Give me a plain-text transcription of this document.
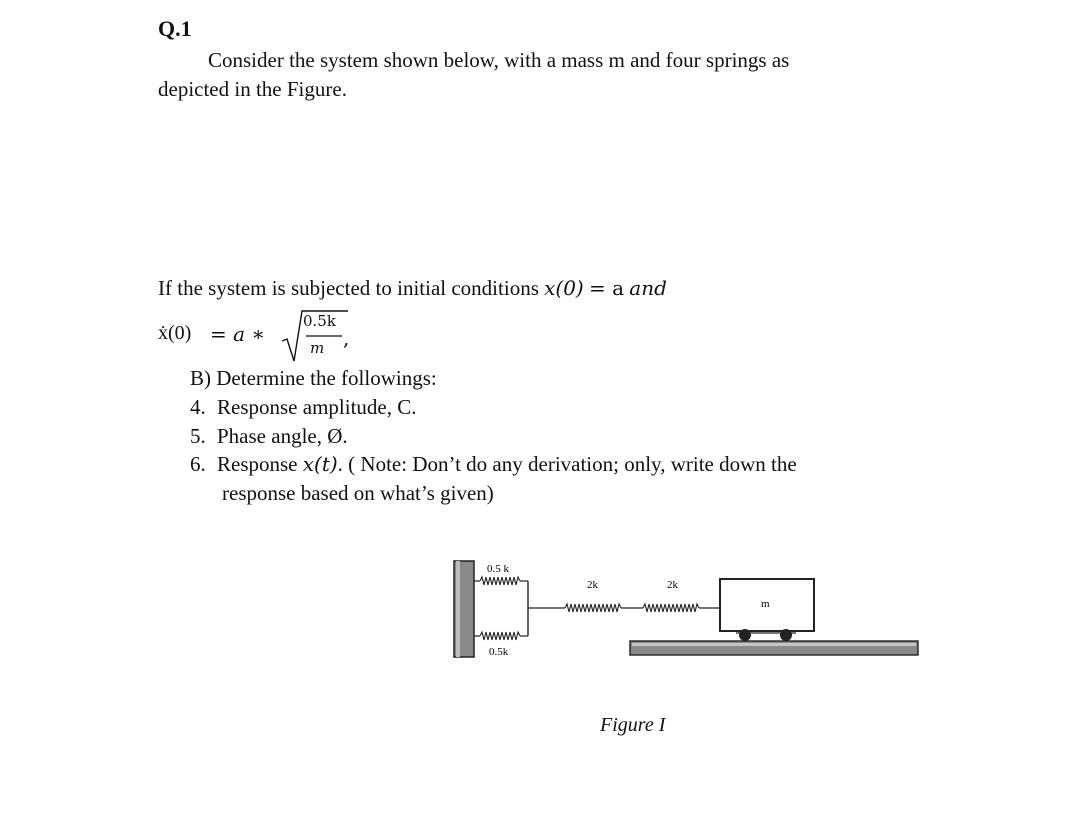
Q.1
Consider the system shown below, with a mass m and four springs as
depicted in the Figure.
If the system is subjected to initial conditions x(0) = a and
ẋ(0) = a ∗
0.5k
m ,
B) Determine the followings:
4. Response amplitude, C.
5. Phase angle, Ø.
6. Response x(t). ( Note: Don’t do any derivation; only, write down the
response based on what’s given)
0.5 k
0.5k
2k	2k
m
Figure I
